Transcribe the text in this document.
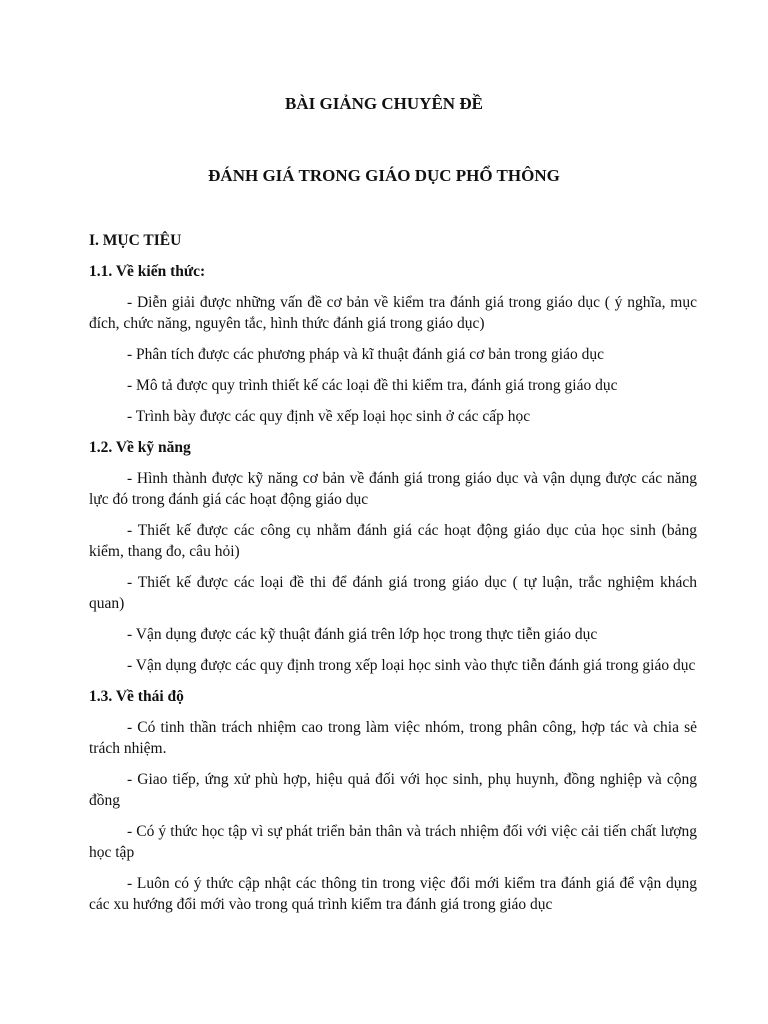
BÀI GIẢNG CHUYÊN ĐỀ
ĐÁNH GIÁ TRONG GIÁO DỤC PHỔ THÔNG

I. MỤC TIÊU

1.1. Về kiến thức:

- Diễn giải được những vấn đề cơ bản về kiểm tra đánh giá trong giáo dục ( ý nghĩa, mục đích, chức năng, nguyên tắc, hình thức đánh giá trong giáo dục)

- Phân tích được các phương pháp và kĩ thuật đánh giá cơ bản trong giáo dục

- Mô tả được quy trình thiết kế các loại đề thi kiểm tra, đánh giá trong giáo dục

- Trình bày được các quy định về xếp loại học sinh ở các cấp học

1.2. Về kỹ năng

- Hình thành được kỹ năng cơ bản về đánh giá trong giáo dục và vận dụng được các năng lực đó trong đánh giá các hoạt động giáo dục

- Thiết kế được các công cụ nhằm đánh giá các hoạt động giáo dục của học sinh (bảng kiểm, thang đo, câu hỏi)

- Thiết kế được các loại đề thi để đánh giá trong giáo dục ( tự luận, trắc nghiệm khách quan)

- Vận dụng được các kỹ thuật đánh giá trên lớp học trong thực tiễn giáo dục

- Vận dụng được các quy định trong xếp loại học sinh vào thực tiễn đánh giá trong giáo dục

1.3. Về thái độ

- Có tinh thần trách nhiệm cao trong làm việc nhóm, trong phân công, hợp tác và chia sẻ trách nhiệm.

- Giao tiếp, ứng xử phù hợp, hiệu quả đối với học sinh, phụ huynh, đồng nghiệp và cộng đồng

- Có ý thức học tập vì sự phát triển bản thân và trách nhiệm đối với việc cải tiến chất lượng học tập

- Luôn có ý thức cập nhật các thông tin trong việc đổi mới kiểm tra đánh giá để vận dụng các xu hướng đổi mới vào trong quá trình kiểm tra đánh giá trong giáo dục
